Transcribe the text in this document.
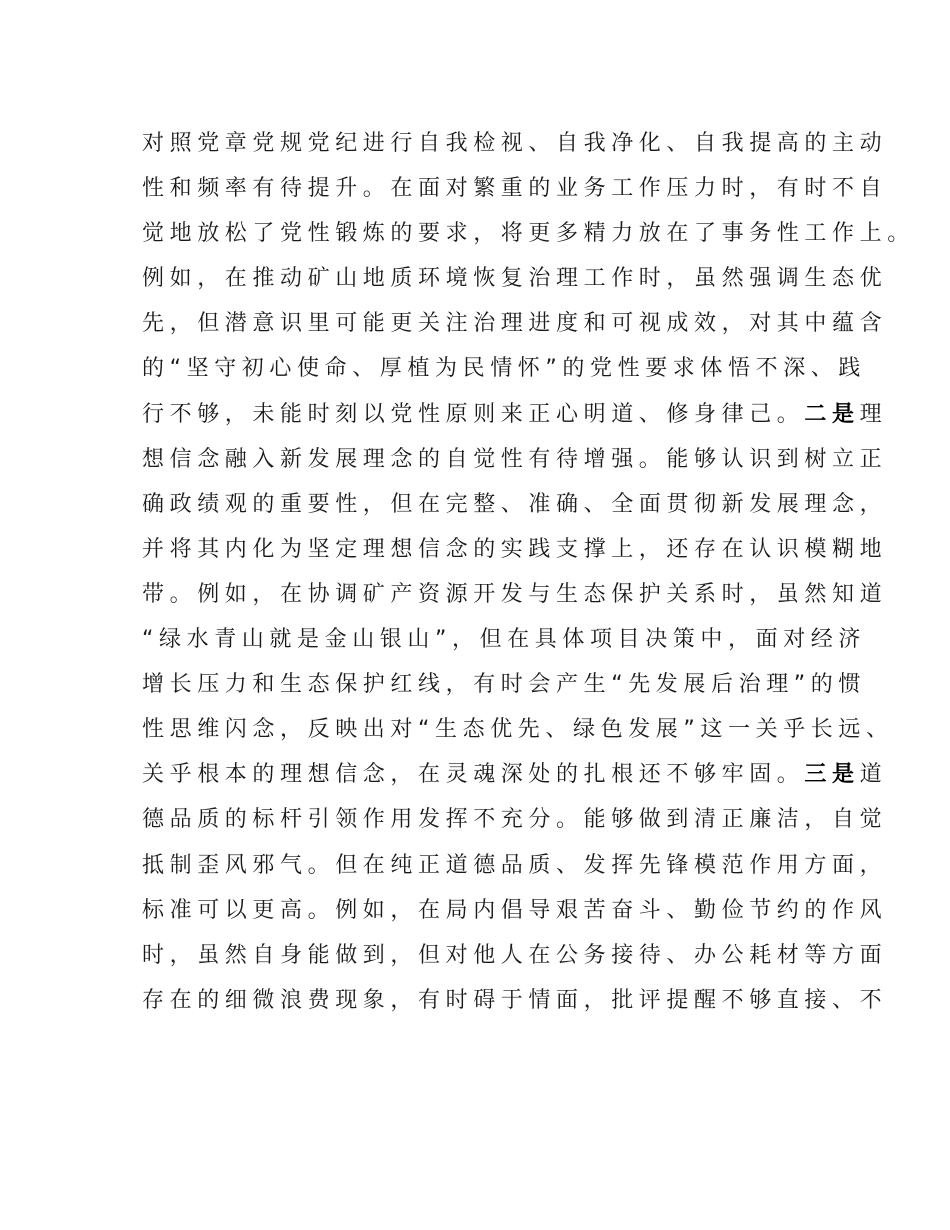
对照党章党规党纪进行自我检视、自我净化、自我提高的主动
性和频率有待提升。在面对繁重的业务工作压力时，有时不自
觉地放松了党性锻炼的要求，将更多精力放在了事务性工作上。
例如，在推动矿山地质环境恢复治理工作时，虽然强调生态优
先，但潜意识里可能更关注治理进度和可视成效，对其中蕴含
的“坚守初心使命、厚植为民情怀”的党性要求体悟不深、践
行不够，未能时刻以党性原则来正心明道、修身律己。二是理
想信念融入新发展理念的自觉性有待增强。能够认识到树立正
确政绩观的重要性，但在完整、准确、全面贯彻新发展理念，
并将其内化为坚定理想信念的实践支撑上，还存在认识模糊地
带。例如，在协调矿产资源开发与生态保护关系时，虽然知道
“绿水青山就是金山银山”，但在具体项目决策中，面对经济
增长压力和生态保护红线，有时会产生“先发展后治理”的惯
性思维闪念，反映出对“生态优先、绿色发展”这一关乎长远、
关乎根本的理想信念，在灵魂深处的扎根还不够牢固。三是道
德品质的标杆引领作用发挥不充分。能够做到清正廉洁，自觉
抵制歪风邪气。但在纯正道德品质、发挥先锋模范作用方面，
标准可以更高。例如，在局内倡导艰苦奋斗、勤俭节约的作风
时，虽然自身能做到，但对他人在公务接待、办公耗材等方面
存在的细微浪费现象，有时碍于情面，批评提醒不够直接、不
